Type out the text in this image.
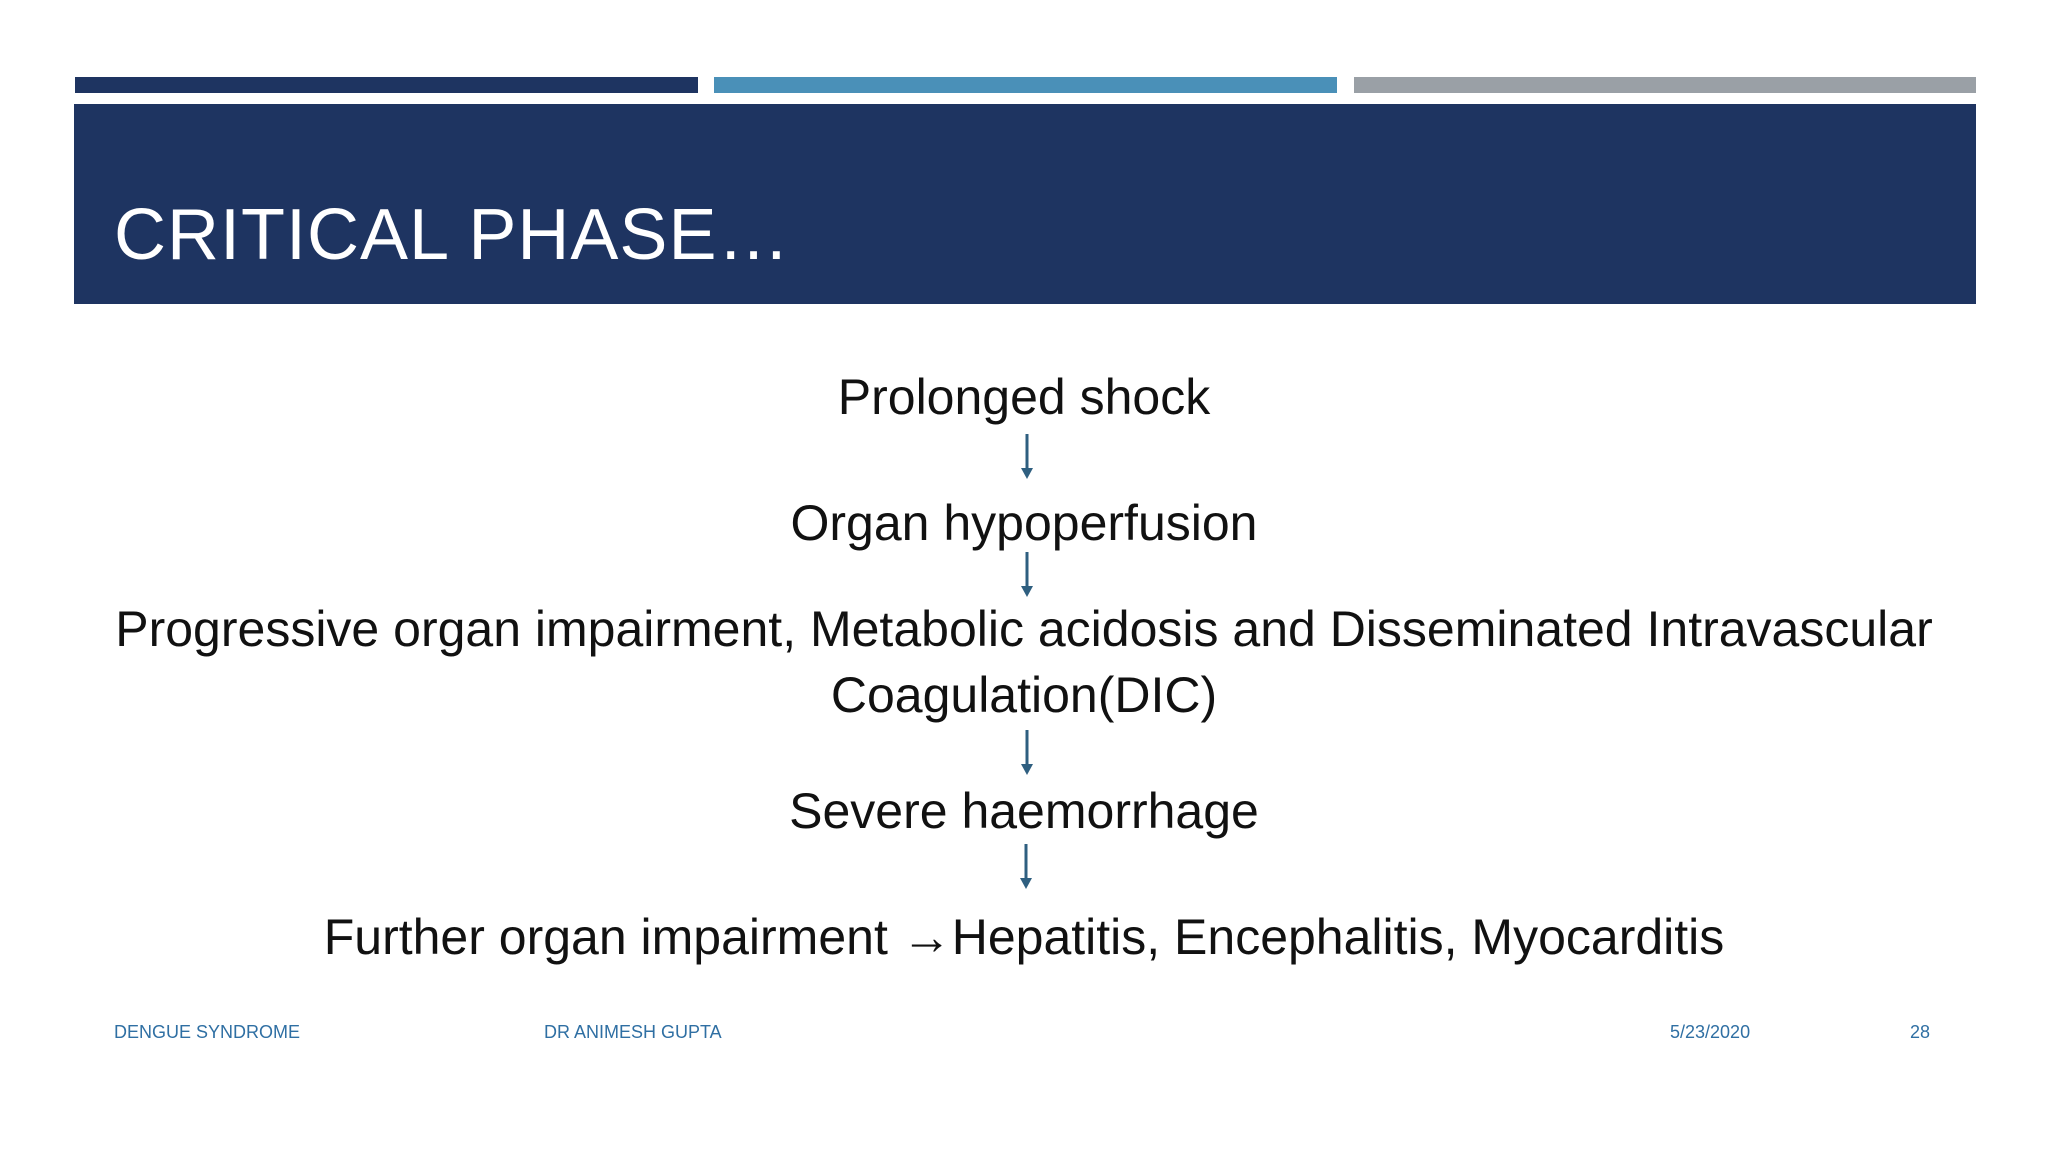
CRITICAL PHASE…
Prolonged shock
Organ hypoperfusion
Progressive organ impairment, Metabolic acidosis and Disseminated Intravascular
Coagulation(DIC)
Severe haemorrhage
Further organ impairment →Hepatitis, Encephalitis, Myocarditis
DENGUE SYNDROME	DR ANIMESH GUPTA	5/23/2020	28
